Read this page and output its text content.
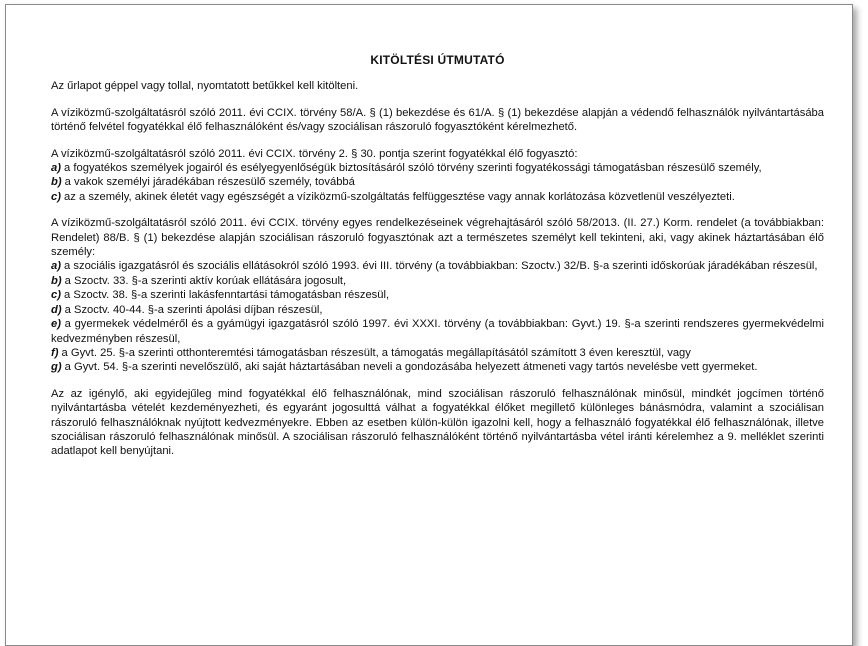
KITÖLTÉSI ÚTMUTATÓ

Az űrlapot géppel vagy tollal, nyomtatott betűkkel kell kitölteni.

A víziközmű-szolgáltatásról szóló 2011. évi CCIX. törvény 58/A. § (1) bekezdése és 61/A. § (1) bekezdése alapján a védendő felhasználók nyilvántartásába történő felvétel fogyatékkal élő felhasználóként és/vagy szociálisan rászoruló fogyasztóként kérelmezhető.

A víziközmű-szolgáltatásról szóló 2011. évi CCIX. törvény 2. § 30. pontja szerint fogyatékkal élő fogyasztó:

a) a fogyatékos személyek jogairól és esélyegyenlőségük biztosításáról szóló törvény szerinti fogyatékossági támogatásban részesülő személy,

b) a vakok személyi járadékában részesülő személy, továbbá

c) az a személy, akinek életét vagy egészségét a víziközmű-szolgáltatás felfüggesztése vagy annak korlátozása közvetlenül veszélyezteti.

A víziközmű-szolgáltatásról szóló 2011. évi CCIX. törvény egyes rendelkezéseinek végrehajtásáról szóló 58/2013. (II. 27.) Korm. rendelet (a továbbiakban: Rendelet) 88/B. § (1) bekezdése alapján szociálisan rászoruló fogyasztónak azt a természetes személyt kell tekinteni, aki, vagy akinek háztartásában élő személy:

a) a szociális igazgatásról és szociális ellátásokról szóló 1993. évi III. törvény (a továbbiakban: Szoctv.) 32/B. §-a szerinti időskorúak járadékában részesül,

b) a Szoctv. 33. §-a szerinti aktív korúak ellátására jogosult,

c) a Szoctv. 38. §-a szerinti lakásfenntartási támogatásban részesül,

d) a Szoctv. 40-44. §-a szerinti ápolási díjban részesül,

e) a gyermekek védelméről és a gyámügyi igazgatásról szóló 1997. évi XXXI. törvény (a továbbiakban: Gyvt.) 19. §-a szerinti rendszeres gyermekvédelmi kedvezményben részesül,

f) a Gyvt. 25. §-a szerinti otthonteremtési támogatásban részesült, a támogatás megállapításától számított 3 éven keresztül, vagy

g) a Gyvt. 54. §-a szerinti nevelőszülő, aki saját háztartásában neveli a gondozásába helyezett átmeneti vagy tartós nevelésbe vett gyermeket.

Az az igénylő, aki egyidejűleg mind fogyatékkal élő felhasználónak, mind szociálisan rászoruló felhasználónak minősül, mindkét jogcímen történő nyilvántartásba vételét kezdeményezheti, és egyaránt jogosulttá válhat a fogyatékkal élőket megillető különleges bánásmódra, valamint a szociálisan rászoruló felhasználóknak nyújtott kedvezményekre. Ebben az esetben külön-külön igazolni kell, hogy a felhasználó fogyatékkal élő felhasználónak, illetve szociálisan rászoruló felhasználónak minősül. A szociálisan rászoruló felhasználóként történő nyilvántartásba vétel iránti kérelemhez a 9. melléklet szerinti adatlapot kell benyújtani.
